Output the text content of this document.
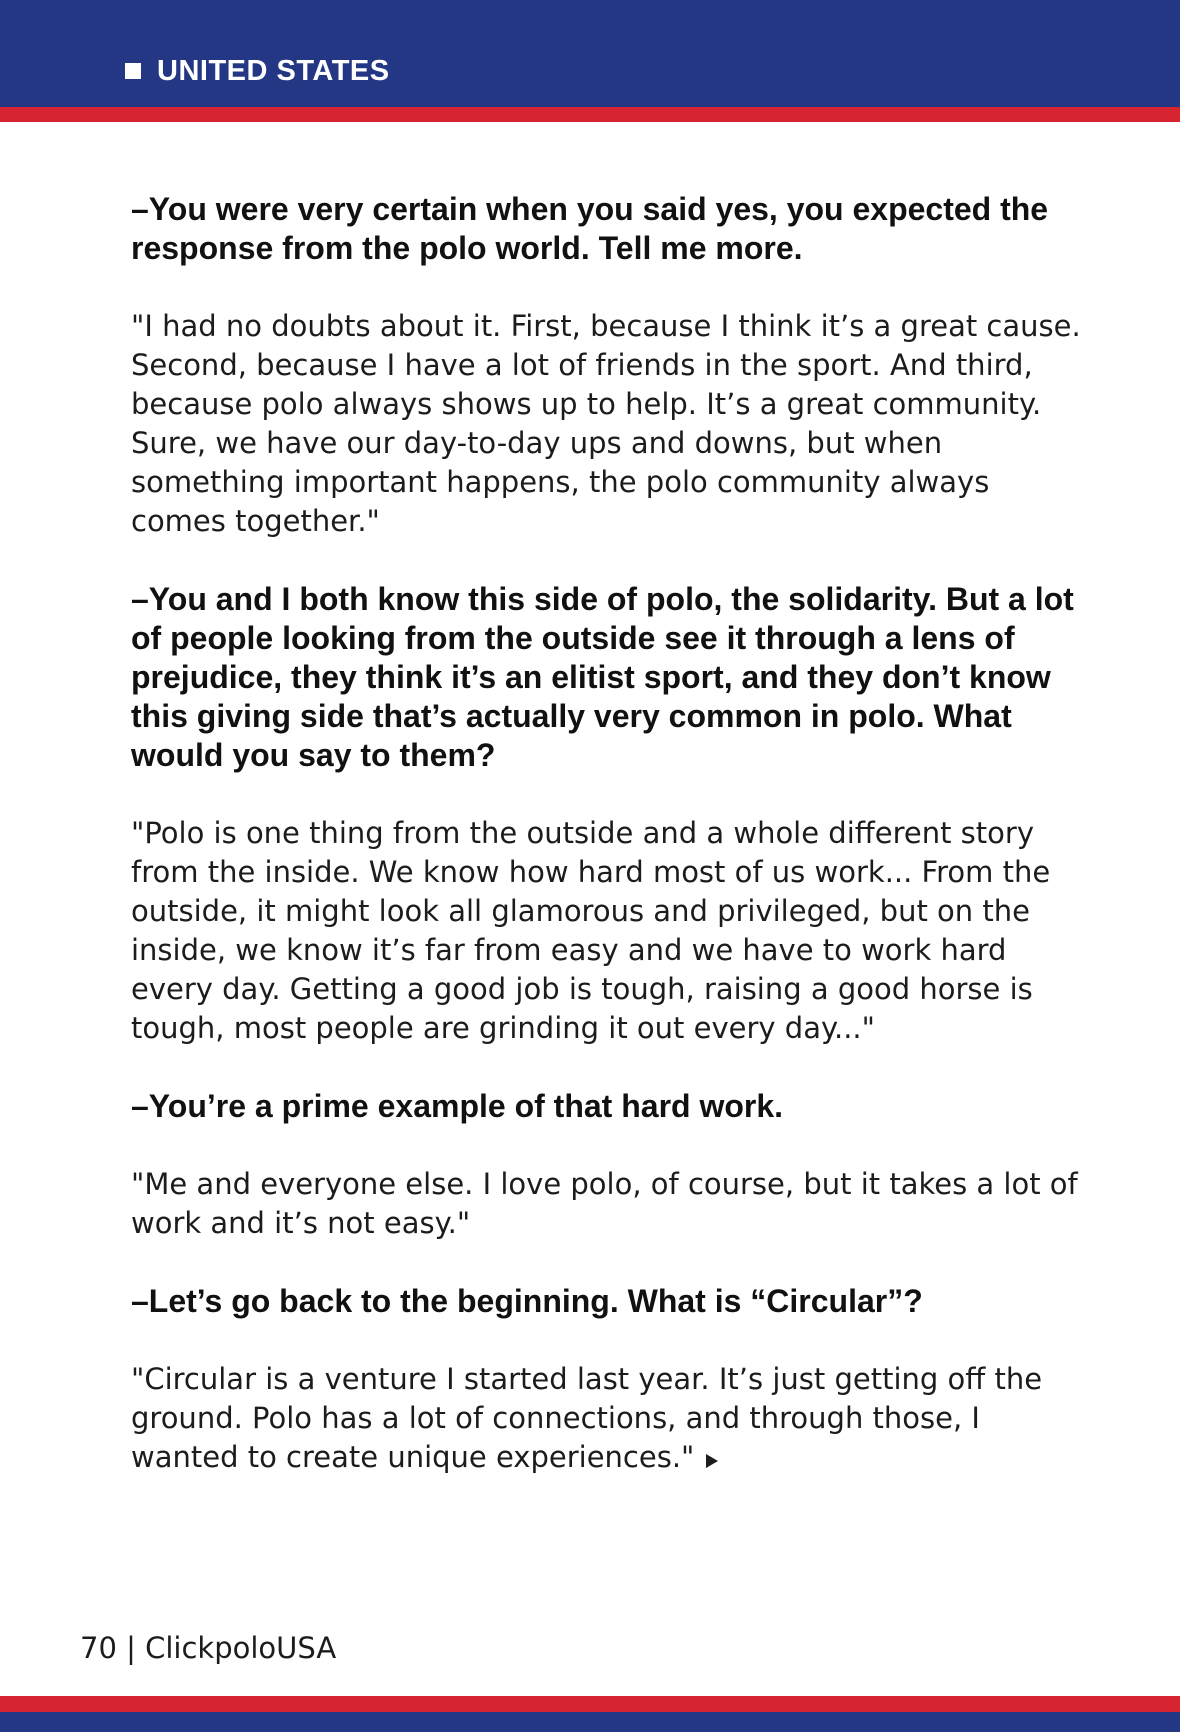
UNITED STATES

–You were very certain when you said yes, you expected the response from the polo world. Tell me more.

"I had no doubts about it. First, because I think it’s a great cause. Second, because I have a lot of friends in the sport. And third, because polo always shows up to help. It’s a great community. Sure, we have our day-to-day ups and downs, but when something important happens, the polo community always comes together."

–You and I both know this side of polo, the solidarity. But a lot of people looking from the outside see it through a lens of prejudice, they think it’s an elitist sport, and they don’t know this giving side that’s actually very common in polo. What would you say to them?

"Polo is one thing from the outside and a whole different story from the inside. We know how hard most of us work... From the outside, it might look all glamorous and privileged, but on the inside, we know it’s far from easy and we have to work hard every day. Getting a good job is tough, raising a good horse is tough, most people are grinding it out every day..."

–You’re a prime example of that hard work.

"Me and everyone else. I love polo, of course, but it takes a lot of work and it’s not easy."

–Let’s go back to the beginning. What is “Circular”?

"Circular is a venture I started last year. It’s just getting off the ground. Polo has a lot of connections, and through those, I wanted to create unique experiences."

70 | ClickpoloUSA
